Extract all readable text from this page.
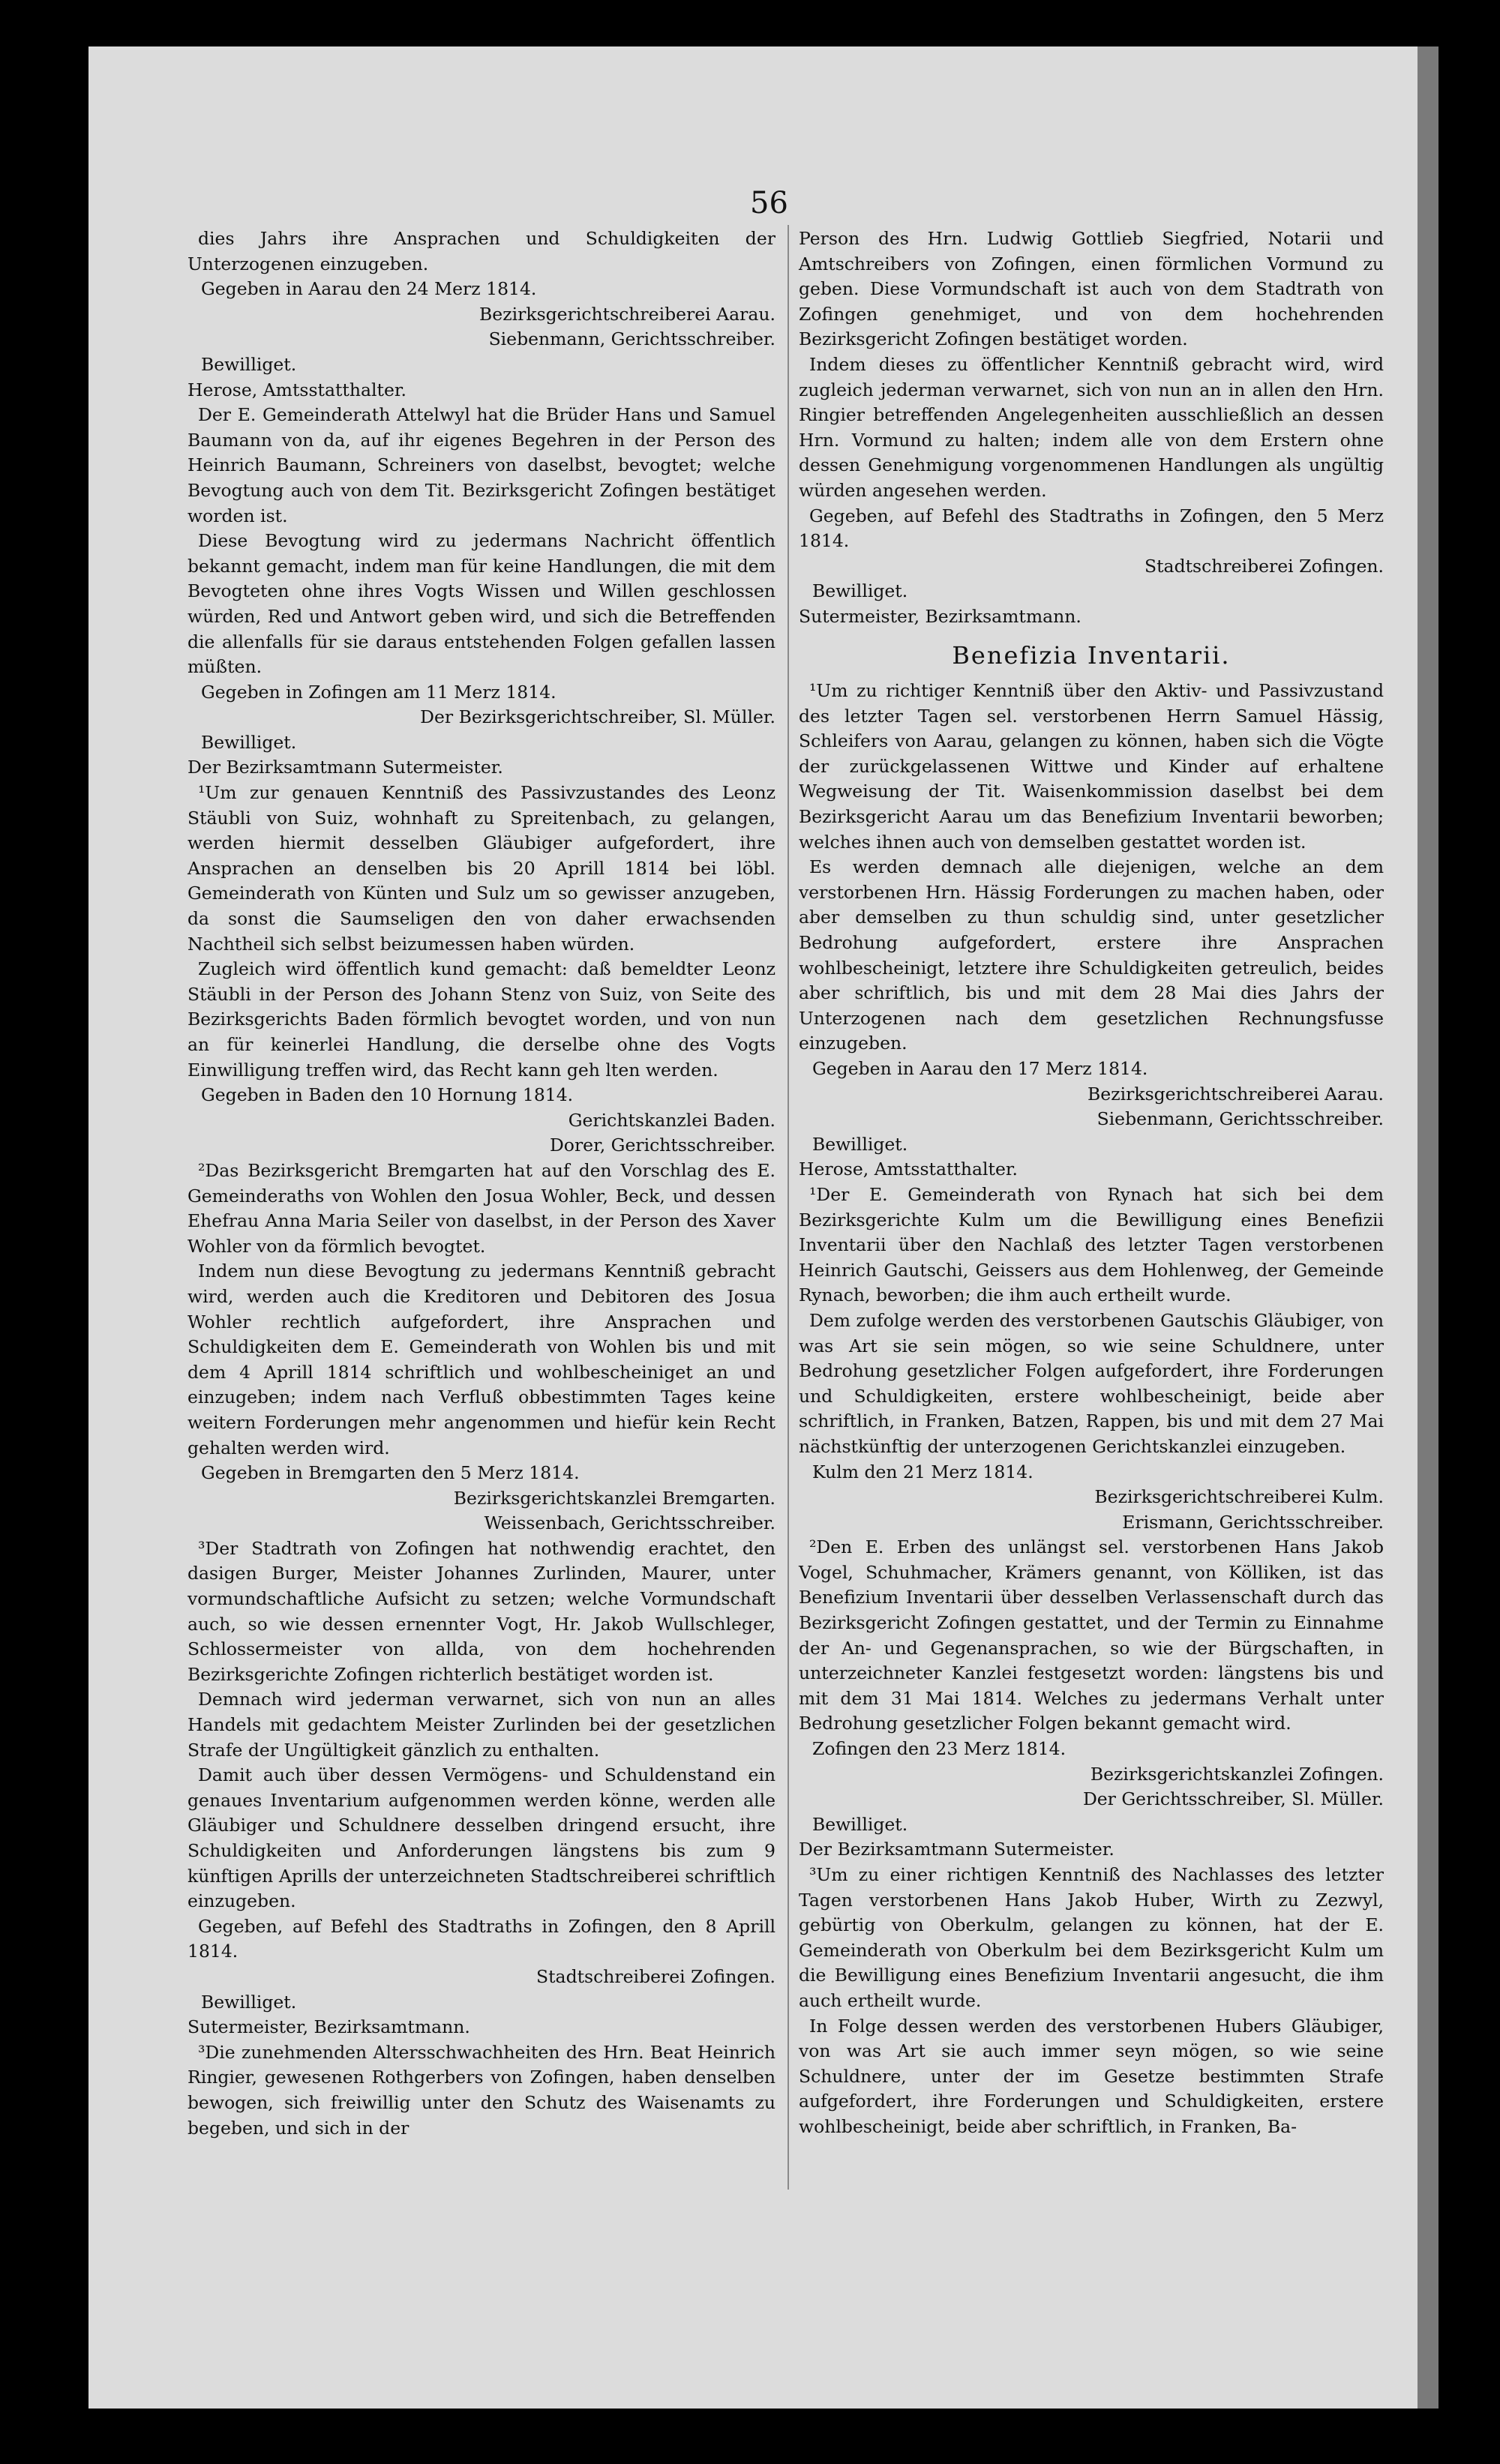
56

dies Jahrs ihre Ansprachen und Schuldigkeiten der Unterzogenen einzugeben.

Gegeben in Aarau den 24 Merz 1814.

Bezirksgerichtschreiberei Aarau.

Siebenmann, Gerichtsschreiber.

Bewilliget.

Herose, Amtsstatthalter.

Der E. Gemeinderath Attelwyl hat die Brüder Hans und Samuel Baumann von da, auf ihr eigenes Begehren in der Person des Heinrich Baumann, Schreiners von daselbst, bevogtet; welche Bevogtung auch von dem Tit. Bezirksgericht Zofingen bestätiget worden ist.

Diese Bevogtung wird zu jedermans Nachricht öffentlich bekannt gemacht, indem man für keine Handlungen, die mit dem Bevogteten ohne ihres Vogts Wissen und Willen geschlossen würden, Red und Antwort geben wird, und sich die Betreffenden die allenfalls für sie daraus entstehenden Folgen gefallen lassen müßten.

Gegeben in Zofingen am 11 Merz 1814.

Der Bezirksgerichtschreiber, Sl. Müller.

Bewilliget.

Der Bezirksamtmann Sutermeister.

¹Um zur genauen Kenntniß des Passivzustandes des Leonz Stäubli von Suiz, wohnhaft zu Spreitenbach, zu gelangen, werden hiermit desselben Gläubiger aufgefordert, ihre Ansprachen an denselben bis 20 Aprill 1814 bei löbl. Gemeinderath von Künten und Sulz um so gewisser anzugeben, da sonst die Saumseligen den von daher erwachsenden Nachtheil sich selbst beizumessen haben würden.

Zugleich wird öffentlich kund gemacht: daß bemeldter Leonz Stäubli in der Person des Johann Stenz von Suiz, von Seite des Bezirksgerichts Baden förmlich bevogtet worden, und von nun an für keinerlei Handlung, die derselbe ohne des Vogts Einwilligung treffen wird, das Recht kann geh lten werden.

Gegeben in Baden den 10 Hornung 1814.

Gerichtskanzlei Baden.

Dorer, Gerichtsschreiber.

²Das Bezirksgericht Bremgarten hat auf den Vorschlag des E. Gemeinderaths von Wohlen den Josua Wohler, Beck, und dessen Ehefrau Anna Maria Seiler von daselbst, in der Person des Xaver Wohler von da förmlich bevogtet.

Indem nun diese Bevogtung zu jedermans Kenntniß gebracht wird, werden auch die Kreditoren und Debitoren des Josua Wohler rechtlich aufgefordert, ihre Ansprachen und Schuldigkeiten dem E. Gemeinderath von Wohlen bis und mit dem 4 Aprill 1814 schriftlich und wohlbescheiniget an und einzugeben; indem nach Verfluß obbestimmten Tages keine weitern Forderungen mehr angenommen und hiefür kein Recht gehalten werden wird.

Gegeben in Bremgarten den 5 Merz 1814.

Bezirksgerichtskanzlei Bremgarten.

Weissenbach, Gerichtsschreiber.

³Der Stadtrath von Zofingen hat nothwendig erachtet, den dasigen Burger, Meister Johannes Zurlinden, Maurer, unter vormundschaftliche Aufsicht zu setzen; welche Vormundschaft auch, so wie dessen ernennter Vogt, Hr. Jakob Wullschleger, Schlossermeister von allda, von dem hochehrenden Bezirksgerichte Zofingen richterlich bestätiget worden ist.

Demnach wird jederman verwarnet, sich von nun an alles Handels mit gedachtem Meister Zurlinden bei der gesetzlichen Strafe der Ungültigkeit gänzlich zu enthalten.

Damit auch über dessen Vermögens- und Schuldenstand ein genaues Inventarium aufgenommen werden könne, werden alle Gläubiger und Schuldnere desselben dringend ersucht, ihre Schuldigkeiten und Anforderungen längstens bis zum 9 künftigen Aprills der unterzeichneten Stadtschreiberei schriftlich einzugeben.

Gegeben, auf Befehl des Stadtraths in Zofingen, den 8 Aprill 1814.

Stadtschreiberei Zofingen.

Bewilliget.

Sutermeister, Bezirksamtmann.

³Die zunehmenden Altersschwachheiten des Hrn. Beat Heinrich Ringier, gewesenen Rothgerbers von Zofingen, haben denselben bewogen, sich freiwillig unter den Schutz des Waisenamts zu begeben, und sich in der

Person des Hrn. Ludwig Gottlieb Siegfried, Notarii und Amtschreibers von Zofingen, einen förmlichen Vormund zu geben. Diese Vormundschaft ist auch von dem Stadtrath von Zofingen genehmiget, und von dem hochehrenden Bezirksgericht Zofingen bestätiget worden.

Indem dieses zu öffentlicher Kenntniß gebracht wird, wird zugleich jederman verwarnet, sich von nun an in allen den Hrn. Ringier betreffenden Angelegenheiten ausschließlich an dessen Hrn. Vormund zu halten; indem alle von dem Erstern ohne dessen Genehmigung vorgenommenen Handlungen als ungültig würden angesehen werden.

Gegeben, auf Befehl des Stadtraths in Zofingen, den 5 Merz 1814.

Stadtschreiberei Zofingen.

Bewilliget.

Sutermeister, Bezirksamtmann.

Benefizia Inventarii.

¹Um zu richtiger Kenntniß über den Aktiv- und Passivzustand des letzter Tagen sel. verstorbenen Herrn Samuel Hässig, Schleifers von Aarau, gelangen zu können, haben sich die Vögte der zurückgelassenen Wittwe und Kinder auf erhaltene Wegweisung der Tit. Waisenkommission daselbst bei dem Bezirksgericht Aarau um das Benefizium Inventarii beworben; welches ihnen auch von demselben gestattet worden ist.

Es werden demnach alle diejenigen, welche an dem verstorbenen Hrn. Hässig Forderungen zu machen haben, oder aber demselben zu thun schuldig sind, unter gesetzlicher Bedrohung aufgefordert, erstere ihre Ansprachen wohlbescheinigt, letztere ihre Schuldigkeiten getreulich, beides aber schriftlich, bis und mit dem 28 Mai dies Jahrs der Unterzogenen nach dem gesetzlichen Rechnungsfusse einzugeben.

Gegeben in Aarau den 17 Merz 1814.

Bezirksgerichtschreiberei Aarau.

Siebenmann, Gerichtsschreiber.

Bewilliget.

Herose, Amtsstatthalter.

¹Der E. Gemeinderath von Rynach hat sich bei dem Bezirksgerichte Kulm um die Bewilligung eines Benefizii Inventarii über den Nachlaß des letzter Tagen verstorbenen Heinrich Gautschi, Geissers aus dem Hohlenweg, der Gemeinde Rynach, beworben; die ihm auch ertheilt wurde.

Dem zufolge werden des verstorbenen Gautschis Gläubiger, von was Art sie sein mögen, so wie seine Schuldnere, unter Bedrohung gesetzlicher Folgen aufgefordert, ihre Forderungen und Schuldigkeiten, erstere wohlbescheinigt, beide aber schriftlich, in Franken, Batzen, Rappen, bis und mit dem 27 Mai nächstkünftig der unterzogenen Gerichtskanzlei einzugeben.

Kulm den 21 Merz 1814.

Bezirksgerichtschreiberei Kulm.

Erismann, Gerichtsschreiber.

²Den E. Erben des unlängst sel. verstorbenen Hans Jakob Vogel, Schuhmacher, Krämers genannt, von Kölliken, ist das Benefizium Inventarii über desselben Verlassenschaft durch das Bezirksgericht Zofingen gestattet, und der Termin zu Einnahme der An- und Gegenansprachen, so wie der Bürgschaften, in unterzeichneter Kanzlei festgesetzt worden: längstens bis und mit dem 31 Mai 1814. Welches zu jedermans Verhalt unter Bedrohung gesetzlicher Folgen bekannt gemacht wird.

Zofingen den 23 Merz 1814.

Bezirksgerichtskanzlei Zofingen.

Der Gerichtsschreiber, Sl. Müller.

Bewilliget.

Der Bezirksamtmann Sutermeister.

³Um zu einer richtigen Kenntniß des Nachlasses des letzter Tagen verstorbenen Hans Jakob Huber, Wirth zu Zezwyl, gebürtig von Oberkulm, gelangen zu können, hat der E. Gemeinderath von Oberkulm bei dem Bezirksgericht Kulm um die Bewilligung eines Benefizium Inventarii angesucht, die ihm auch ertheilt wurde.

In Folge dessen werden des verstorbenen Hubers Gläubiger, von was Art sie auch immer seyn mögen, so wie seine Schuldnere, unter der im Gesetze bestimmten Strafe aufgefordert, ihre Forderungen und Schuldigkeiten, erstere wohlbescheinigt, beide aber schriftlich, in Franken, Ba-
